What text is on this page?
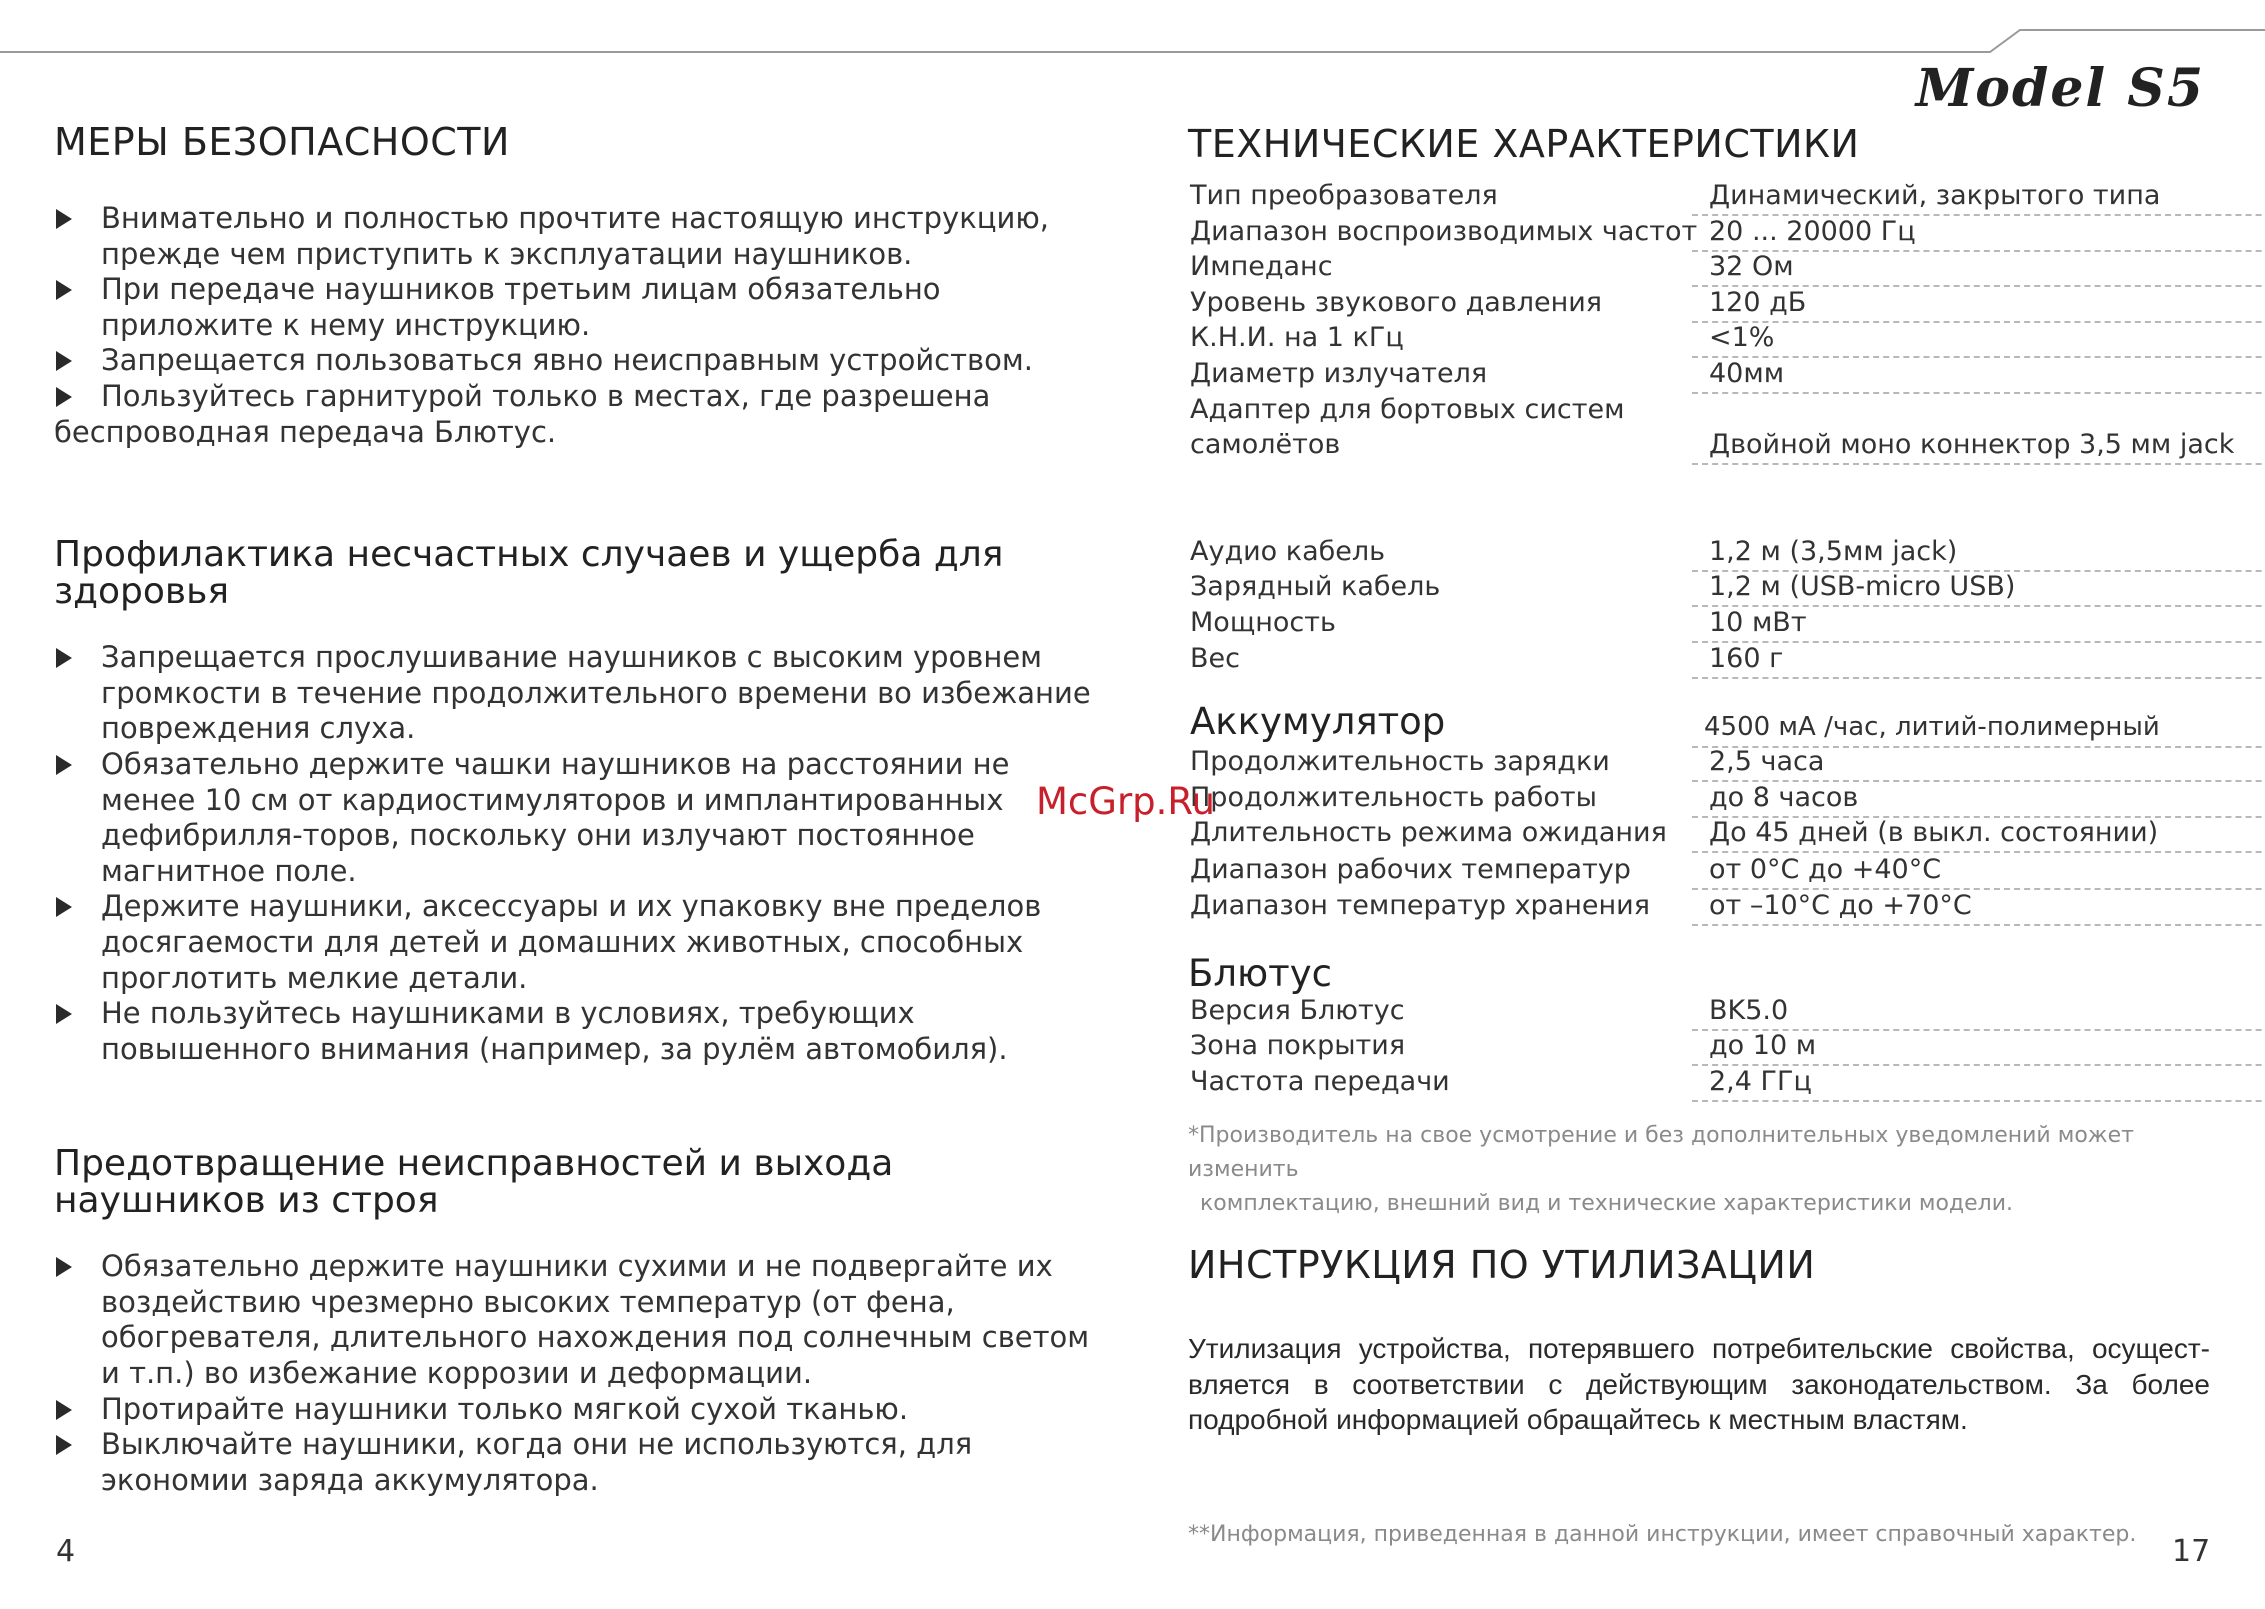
Model S5
МЕРЫ БЕЗОПАСНОСТИ
Внимательно и полностью прочтите настоящую инструкцию, прежде чем приступить к эксплуатации наушников.
При передаче наушников третьим лицам обязательно приложите к нему инструкцию.
Запрещается пользоваться явно неисправным устройством.
Пользуйтесь гарнитурой только в местах, где разрешена беспроводная передача Блютус.
Профилактика несчастных случаев и ущерба для здоровья
Запрещается прослушивание наушников с высоким уровнем громкости в течение продолжительного времени во избежание повреждения слуха.
Обязательно держите чашки наушников на расстоянии не менее 10 см от кардиостимуляторов и имплантированных дефибрилля-торов, поскольку они излучают постоянное магнитное поле.
Держите наушники, аксессуары и их упаковку вне пределов досягаемости для детей и домашних животных, способных проглотить мелкие детали.
Не пользуйтесь наушниками в условиях, требующих повышенного внимания (например, за рулём автомобиля).
Предотвращение неисправностей и выхода наушников из строя
Обязательно держите наушники сухими и не подвергайте их воздействию чрезмерно высоких температур (от фена, обогревателя, длительного нахождения под солнечным светом и т.п.) во избежание коррозии и деформации.
Протирайте наушники только мягкой сухой тканью.
Выключайте наушники, когда они не используются, для экономии заряда аккумулятора.
4
ТЕХНИЧЕСКИЕ ХАРАКТЕРИСТИКИ
Тип преобразователя	Динамический, закрытого типа
Диапазон воспроизводимых частот 20 ... 20000 Гц
Импеданс	32 Ом
Уровень звукового давления	120 дБ
К.Н.И. на 1 кГц	<1%
Диаметр излучателя	40мм
Адаптер для бортовых систем
самолётов	Двойной моно коннектор 3,5 мм jack
Аудио кабель	1,2 м (3,5мм jack)
Зарядный кабель	1,2 м (USB-micro USB)
Мощность	10 мВт
Вес	160 г
Аккумулятор	4500 мА /час, литий-полимерный
Продолжительность зарядки	2,5 часа
Продолжительность работы	до 8 часов
Длительность режима ожидания До 45 дней (в выкл. состоянии)
Диапазон рабочих температур	от 0°С до +40°С
Диапазон температур хранения от –10°С до +70°С
Блютус
Версия Блютус	BK5.0
Зона покрытия	до 10 м
Частота передачи	2,4 ГГц
*Производитель на свое усмотрение и без дополнительных уведомлений может изменить
комплектацию, внешний вид и технические характеристики модели.
ИНСТРУКЦИЯ ПО УТИЛИЗАЦИИ
Утилизация устройства, потерявшего потребительские свойства, осущест-вляется в соответствии с действующим законодательством. За более подробной информацией обращайтесь к местным властям.
**Информация, приведенная в данной инструкции, имеет справочный характер.	17
McGrp.Ru
